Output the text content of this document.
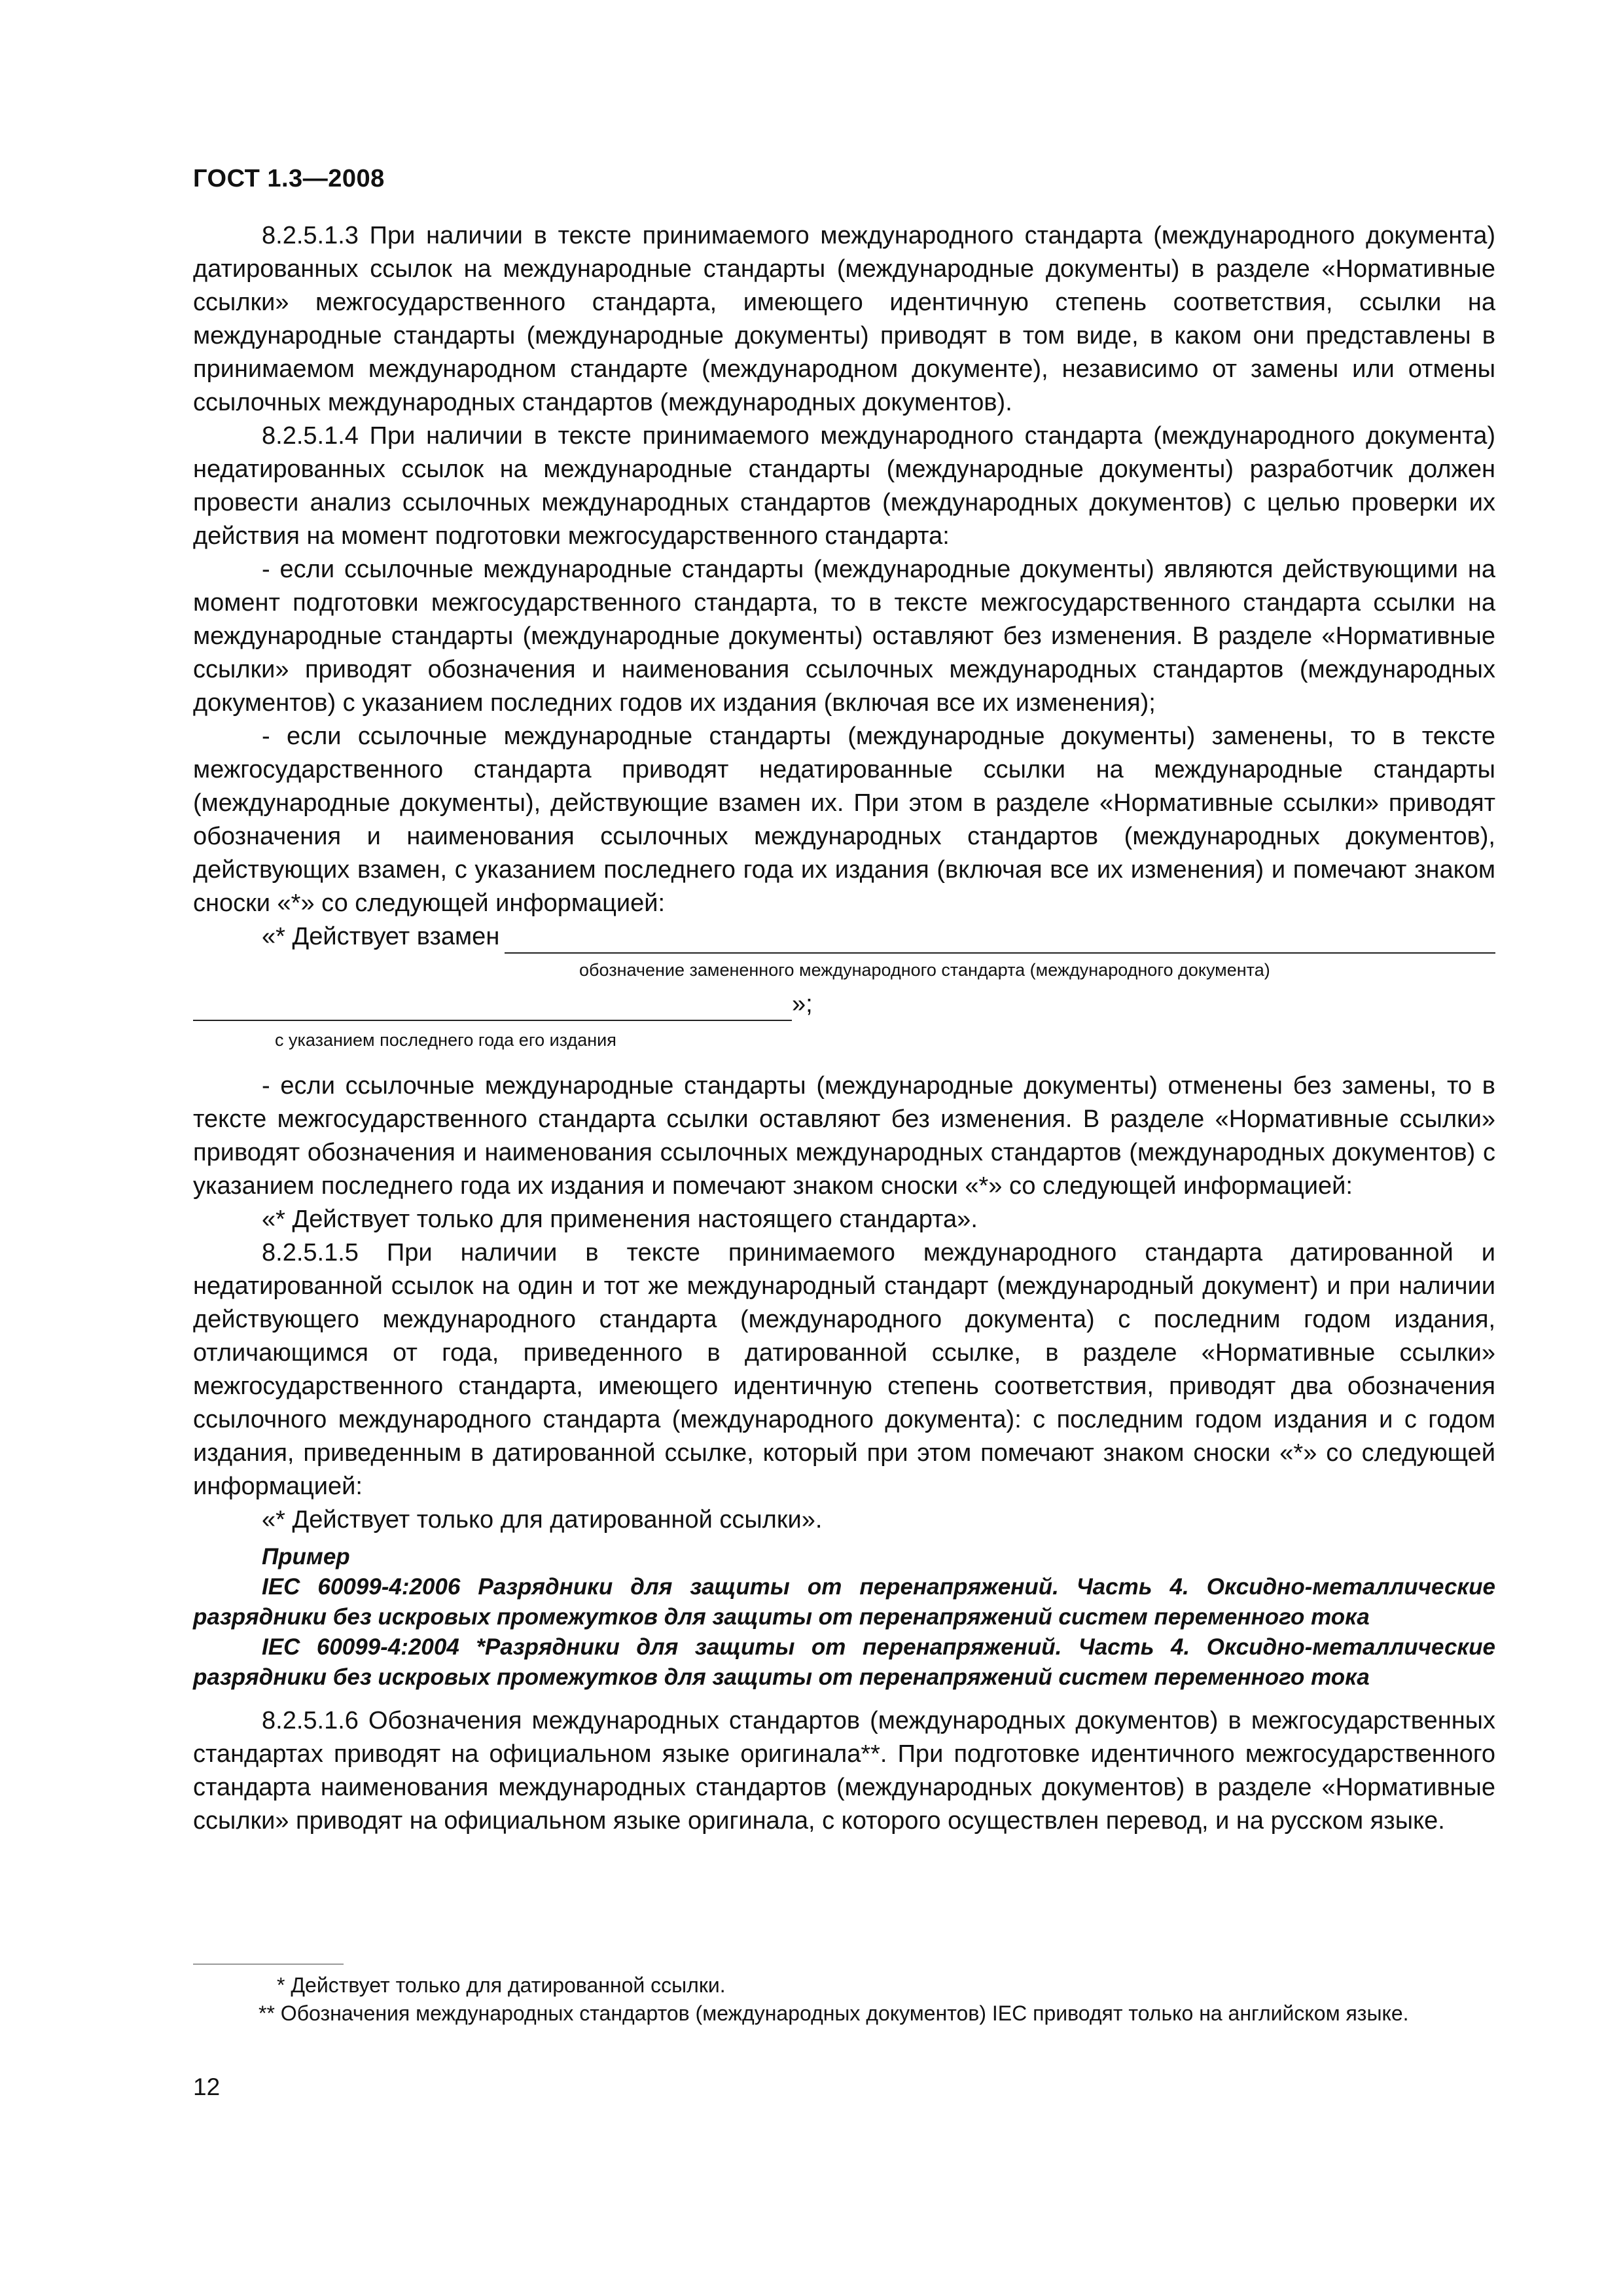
ГОСТ 1.3—2008

8.2.5.1.3 При наличии в тексте принимаемого международного стандарта (международного документа) датированных ссылок на международные стандарты (международные документы) в разделе «Нормативные ссылки» межгосударственного стандарта, имеющего идентичную степень соответствия, ссылки на международные стандарты (международные документы) приводят в том виде, в каком они представлены в принимаемом международном стандарте (международном документе), независимо от замены или отмены ссылочных международных стандартов (международных документов).

8.2.5.1.4 При наличии в тексте принимаемого международного стандарта (международного документа) недатированных ссылок на международные стандарты (международные документы) разработчик должен провести анализ ссылочных международных стандартов (международных документов) с целью проверки их действия на момент подготовки межгосударственного стандарта:

- если ссылочные международные стандарты (международные документы) являются действующими на момент подготовки межгосударственного стандарта, то в тексте межгосударственного стандарта ссылки на международные стандарты (международные документы) оставляют без изменения. В разделе «Нормативные ссылки» приводят обозначения и наименования ссылочных международных стандартов (международных документов) с указанием последних годов их издания (включая все их изменения);

- если ссылочные международные стандарты (международные документы) заменены, то в тексте межгосударственного стандарта приводят недатированные ссылки на международные стандарты (международные документы), действующие взамен их. При этом в разделе «Нормативные ссылки» приводят обозначения и наименования ссылочных международных стандартов (международных документов), действующих взамен, с указанием последнего года их издания (включая все их изменения) и помечают знаком сноски «*» со следующей информацией:

«* Действует взамен
обозначение замененного международного стандарта (международного документа)
»;
с указанием последнего года его издания

- если ссылочные международные стандарты (международные документы) отменены без замены, то в тексте межгосударственного стандарта ссылки оставляют без изменения. В разделе «Нормативные ссылки» приводят обозначения и наименования ссылочных международных стандартов (международных документов) с указанием последнего года их издания и помечают знаком сноски «*» со следующей информацией:

«* Действует только для применения настоящего стандарта».

8.2.5.1.5 При наличии в тексте принимаемого международного стандарта датированной и недатированной ссылок на один и тот же международный стандарт (международный документ) и при наличии действующего международного стандарта (международного документа) с последним годом издания, отличающимся от года, приведенного в датированной ссылке, в разделе «Нормативные ссылки» межгосударственного стандарта, имеющего идентичную степень соответствия, приводят два обозначения ссылочного международного стандарта (международного документа): с последним годом издания и с годом издания, приведенным в датированной ссылке, который при этом помечают знаком сноски «*» со следующей информацией:

«* Действует только для датированной ссылки».

Пример
IEC 60099-4:2006 Разрядники для защиты от перенапряжений. Часть 4. Оксидно-металлические разрядники без искровых промежутков для защиты от перенапряжений систем переменного тока
IEC 60099-4:2004 *Разрядники для защиты от перенапряжений. Часть 4. Оксидно-металлические разрядники без искровых промежутков для защиты от перенапряжений систем переменного тока

8.2.5.1.6 Обозначения международных стандартов (международных документов) в межгосударственных стандартах приводят на официальном языке оригинала**. При подготовке идентичного межгосударственного стандарта наименования международных стандартов (международных документов) в разделе «Нормативные ссылки» приводят на официальном языке оригинала, с которого осуществлен перевод, и на русском языке.

* Действует только для датированной ссылки.

** Обозначения международных стандартов (международных документов) IEC приводят только на английском языке.

12
